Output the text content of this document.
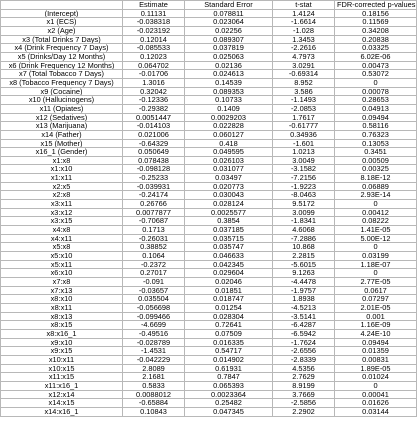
	Estimate	Standard Error	t-stat	FDR-corrected p-values
(Intercept)	0.11131	0.078811	1.4124	0.18156
x1 (ECS)	-0.038318	0.023064	-1.6614	0.11569
x2 (Age)	-0.023192	0.02256	-1.028	0.34208
x3 (Total Drinks 7 Days)	0.12014	0.089307	1.3453	0.20838
x4 (Drink Frequency 7 Days)	-0.085533	0.037819	-2.2616	0.03325
x5 (Drinks/Day 12 Months)	0.12023	0.025063	4.7973	6.02E-06
x6 (Drink Frequency 12 Months)	0.064702	0.02136	3.0291	0.00473
x7 (Total Tobacco 7 Days)	-0.01706	0.024613	-0.69314	0.53072
x8 (Tobacco Frequency 7 Days)	1.3016	0.14539	8.952	0
x9 (Cocaine)	0.32042	0.089353	3.586	0.00078
x10 (Hallucinogens)	-0.12336	0.10733	-1.1493	0.28653
x11 (Opiates)	-0.29382	0.1409	-2.0853	0.04913
x12 (Sedatives)	0.0051447	0.0029203	1.7617	0.09494
x13 (Marijuana)	-0.014103	0.022828	-0.61777	0.58116
x14 (Father)	0.021006	0.060127	0.34936	0.76323
x15 (Mother)	-0.64329	0.418	-1.601	0.13053
x16_1 (Gender)	0.050649	0.049595	1.0213	0.3451
x1:x8	0.078438	0.026103	3.0049	0.00509
x1:x10	-0.098128	0.031077	-3.1582	0.00325
x1:x11	-0.25233	0.03497	-7.2156	8.18E-12
x2:x5	-0.039931	0.020773	-1.9223	0.06889
x2:x8	-0.24174	0.030043	-8.0463	2.93E-14
x3:x11	0.26766	0.028124	9.5172	0
x3:x12	0.0077877	0.0025577	3.0099	0.00412
x3:x15	-0.70687	0.3854	-1.8341	0.08222
x4:x8	0.1713	0.037185	4.6068	1.41E-05
x4:x11	-0.26031	0.035715	-7.2886	5.00E-12
x5:x8	0.38852	0.035747	10.868	0
x5:x10	0.1064	0.046633	2.2815	0.03199
x5:x11	-0.2372	0.042345	-5.6015	1.18E-07
x6:x10	0.27017	0.029604	9.1263	0
x7:x8	-0.091	0.02046	-4.4478	2.77E-05
x7:x13	-0.03657	0.01851	-1.9757	0.0617
x8:x10	0.035504	0.018747	1.8938	0.07297
x8:x11	-0.056698	0.01254	-4.5213	2.01E-05
x8:x13	-0.099466	0.028304	-3.5141	0.001
x8:x15	-4.6699	0.72641	-6.4287	1.16E-09
x8:x16_1	-0.49516	0.07509	-6.5942	4.24E-10
x9:x10	-0.028789	0.016335	-1.7624	0.09494
x9:x15	-1.4531	0.54717	-2.6556	0.01359
x10:x11	-0.042229	0.014902	-2.8339	0.00831
x10:x15	2.8089	0.61931	4.5356	1.89E-05
x11:x15	2.1681	0.7847	2.7629	0.01024
x11:x16_1	0.5833	0.065393	8.9199	0
x12:x14	0.0088012	0.0023364	3.7669	0.00041
x14:x15	-0.65884	0.25482	-2.5856	0.01626
x14:x16_1	0.10843	0.047345	2.2902	0.03144
